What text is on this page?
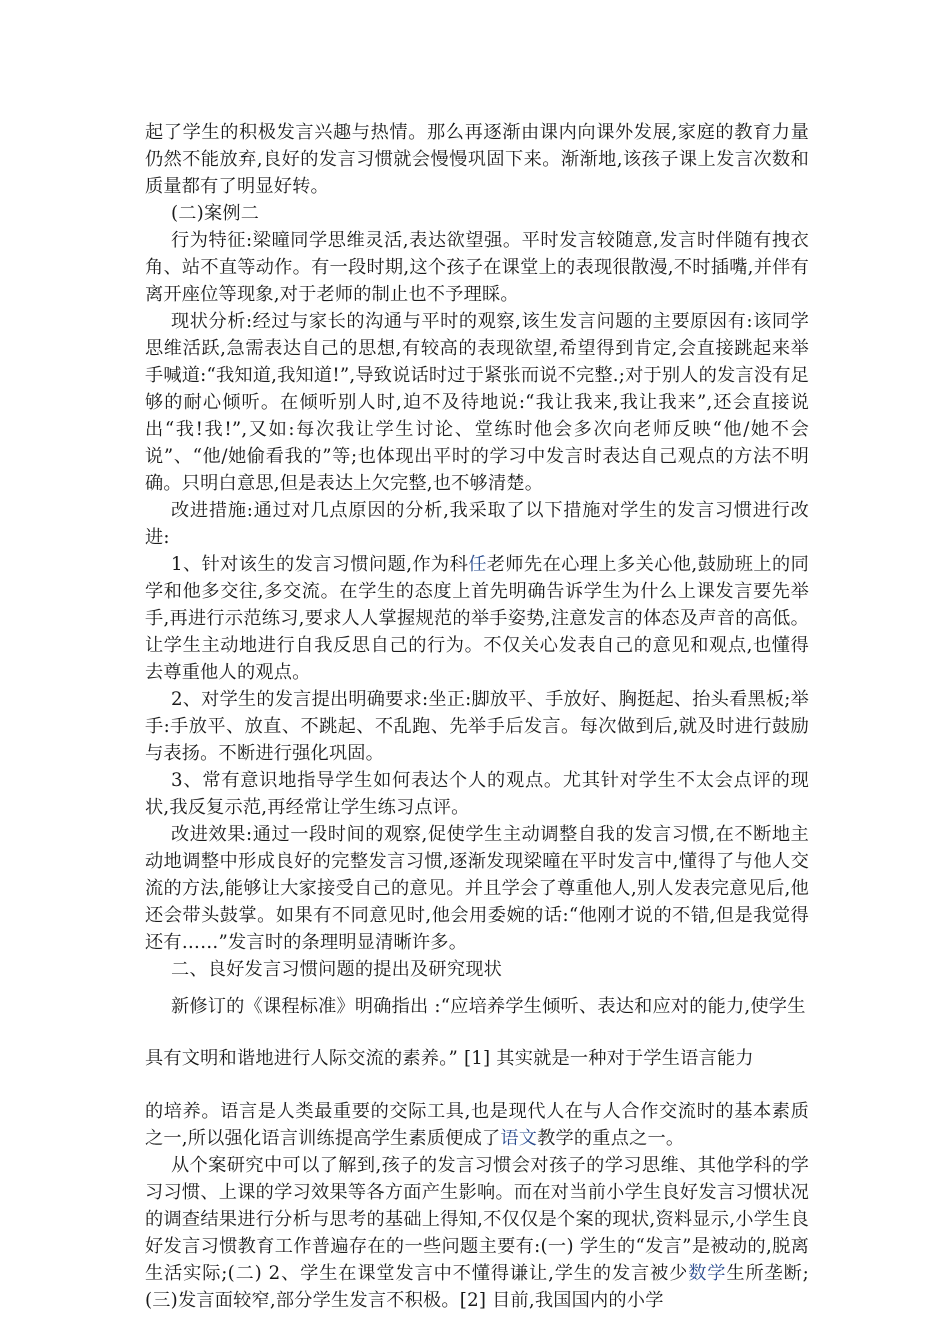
起了学生的积极发言兴趣与热情。那么再逐渐由课内向课外发展,家庭的教育力量仍然不能放弃,良好的发言习惯就会慢慢巩固下来。渐渐地,该孩子课上发言次数和质量都有了明显好转。

(二)案例二

行为特征:梁曈同学思维灵活,表达欲望强。平时发言较随意,发言时伴随有拽衣角、站不直等动作。有一段时期,这个孩子在课堂上的表现很散漫,不时插嘴,并伴有离开座位等现象,对于老师的制止也不予理睬。

现状分析:经过与家长的沟通与平时的观察,该生发言问题的主要原因有:该同学思维活跃,急需表达自己的思想,有较高的表现欲望,希望得到肯定,会直接跳起来举手喊道:“我知道,我知道!”,导致说话时过于紧张而说不完整.;对于别人的发言没有足够的耐心倾听。在倾听别人时,迫不及待地说:“我让我来,我让我来”,还会直接说出“我!我!”,又如:每次我让学生讨论、堂练时他会多次向老师反映“他/她不会说”、“他/她偷看我的”等;也体现出平时的学习中发言时表达自己观点的方法不明确。只明白意思,但是表达上欠完整,也不够清楚。

改进措施:通过对几点原因的分析,我采取了以下措施对学生的发言习惯进行改进:

1、针对该生的发言习惯问题,作为科任老师先在心理上多关心他,鼓励班上的同学和他多交往,多交流。在学生的态度上首先明确告诉学生为什么上课发言要先举手,再进行示范练习,要求人人掌握规范的举手姿势,注意发言的体态及声音的高低。让学生主动地进行自我反思自己的行为。不仅关心发表自己的意见和观点,也懂得去尊重他人的观点。

2、对学生的发言提出明确要求:坐正:脚放平、手放好、胸挺起、抬头看黑板;举手:手放平、放直、不跳起、不乱跑、先举手后发言。每次做到后,就及时进行鼓励与表扬。不断进行强化巩固。

3、常有意识地指导学生如何表达个人的观点。尤其针对学生不太会点评的现状,我反复示范,再经常让学生练习点评。

改进效果:通过一段时间的观察,促使学生主动调整自我的发言习惯,在不断地主动地调整中形成良好的完整发言习惯,逐渐发现梁曈在平时发言中,懂得了与他人交流的方法,能够让大家接受自己的意见。并且学会了尊重他人,别人发表完意见后,他还会带头鼓掌。如果有不同意见时,他会用委婉的话:“他刚才说的不错,但是我觉得还有……”发言时的条理明显清晰许多。

二、良好发言习惯问题的提出及研究现状

新修订的《课程标准》明确指出 :“应培养学生倾听、表达和应对的能力,使学生

具有文明和谐地进行人际交流的素养。” [1] 其实就是一种对于学生语言能力

的培养。语言是人类最重要的交际工具,也是现代人在与人合作交流时的基本素质之一,所以强化语言训练提高学生素质便成了语文教学的重点之一。

从个案研究中可以了解到,孩子的发言习惯会对孩子的学习思维、其他学科的学习习惯、上课的学习效果等各方面产生影响。而在对当前小学生良好发言习惯状况的调查结果进行分析与思考的基础上得知,不仅仅是个案的现状,资料显示,小学生良好发言习惯教育工作普遍存在的一些问题主要有:(一) 学生的“发言”是被动的,脱离生活实际;(二) 2、学生在课堂发言中不懂得谦让,学生的发言被少数学生所垄断;(三)发言面较窄,部分学生发言不积极。[2] 目前,我国国内的小学
